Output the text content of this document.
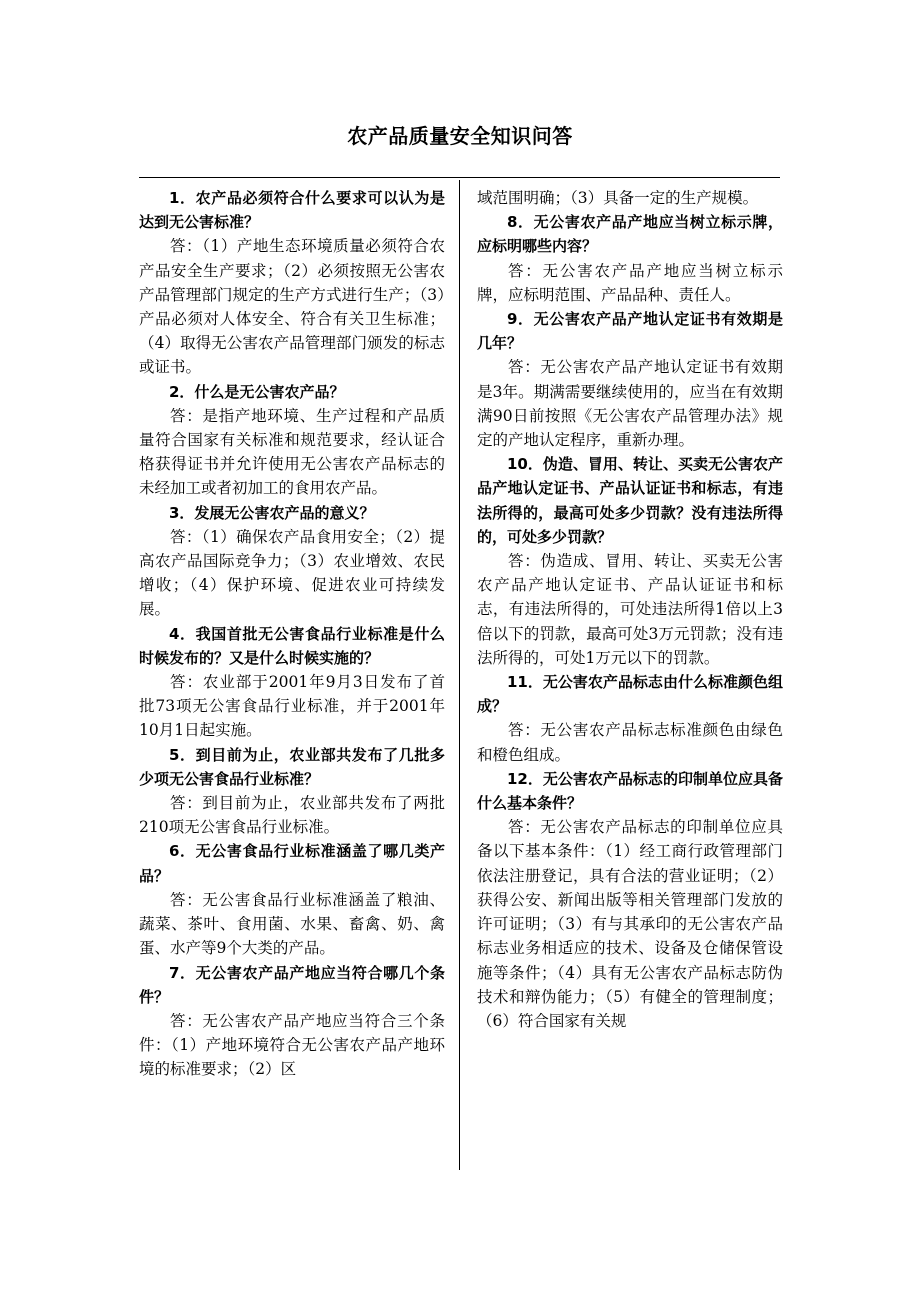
农产品质量安全知识问答

1．农产品必须符合什么要求可以认为是达到无公害标准？

答：（1）产地生态环境质量必须符合农产品安全生产要求；（2）必须按照无公害农产品管理部门规定的生产方式进行生产；（3）产品必须对人体安全、符合有关卫生标准；（4）取得无公害农产品管理部门颁发的标志或证书。

2．什么是无公害农产品？

答：是指产地环境、生产过程和产品质量符合国家有关标准和规范要求，经认证合格获得证书并允许使用无公害农产品标志的未经加工或者初加工的食用农产品。

3．发展无公害农产品的意义？

答：（1）确保农产品食用安全；（2）提高农产品国际竞争力；（3）农业增效、农民增收；（4）保护环境、促进农业可持续发展。

4．我国首批无公害食品行业标准是什么时候发布的？又是什么时候实施的？

答：农业部于2001年9月3日发布了首批73项无公害食品行业标准，并于2001年10月1日起实施。

5．到目前为止，农业部共发布了几批多少项无公害食品行业标准？

答：到目前为止，农业部共发布了两批210项无公害食品行业标准。

6．无公害食品行业标准涵盖了哪几类产品？

答：无公害食品行业标准涵盖了粮油、蔬菜、茶叶、食用菌、水果、畜禽、奶、禽蛋、水产等9个大类的产品。

7．无公害农产品产地应当符合哪几个条件？

答：无公害农产品产地应当符合三个条件：（1）产地环境符合无公害农产品产地环境的标准要求；（2）区

域范围明确；（3）具备一定的生产规模。

8．无公害农产品产地应当树立标示牌，应标明哪些内容？

答：无公害农产品产地应当树立标示牌，应标明范围、产品品种、责任人。

9．无公害农产品产地认定证书有效期是几年？

答：无公害农产品产地认定证书有效期是3年。期满需要继续使用的，应当在有效期满90日前按照《无公害农产品管理办法》规定的产地认定程序，重新办理。

10．伪造、冒用、转让、买卖无公害农产品产地认定证书、产品认证证书和标志，有违法所得的，最高可处多少罚款？没有违法所得的，可处多少罚款？

答：伪造成、冒用、转让、买卖无公害农产品产地认定证书、产品认证证书和标志，有违法所得的，可处违法所得1倍以上3倍以下的罚款，最高可处3万元罚款；没有违法所得的，可处1万元以下的罚款。

11．无公害农产品标志由什么标准颜色组成？

答：无公害农产品标志标准颜色由绿色和橙色组成。

12．无公害农产品标志的印制单位应具备什么基本条件？

答：无公害农产品标志的印制单位应具备以下基本条件：（1）经工商行政管理部门依法注册登记，具有合法的营业证明；（2）获得公安、新闻出版等相关管理部门发放的许可证明；（3）有与其承印的无公害农产品标志业务相适应的技术、设备及仓储保管设施等条件；（4）具有无公害农产品标志防伪技术和辩伪能力；（5）有健全的管理制度；（6）符合国家有关规
